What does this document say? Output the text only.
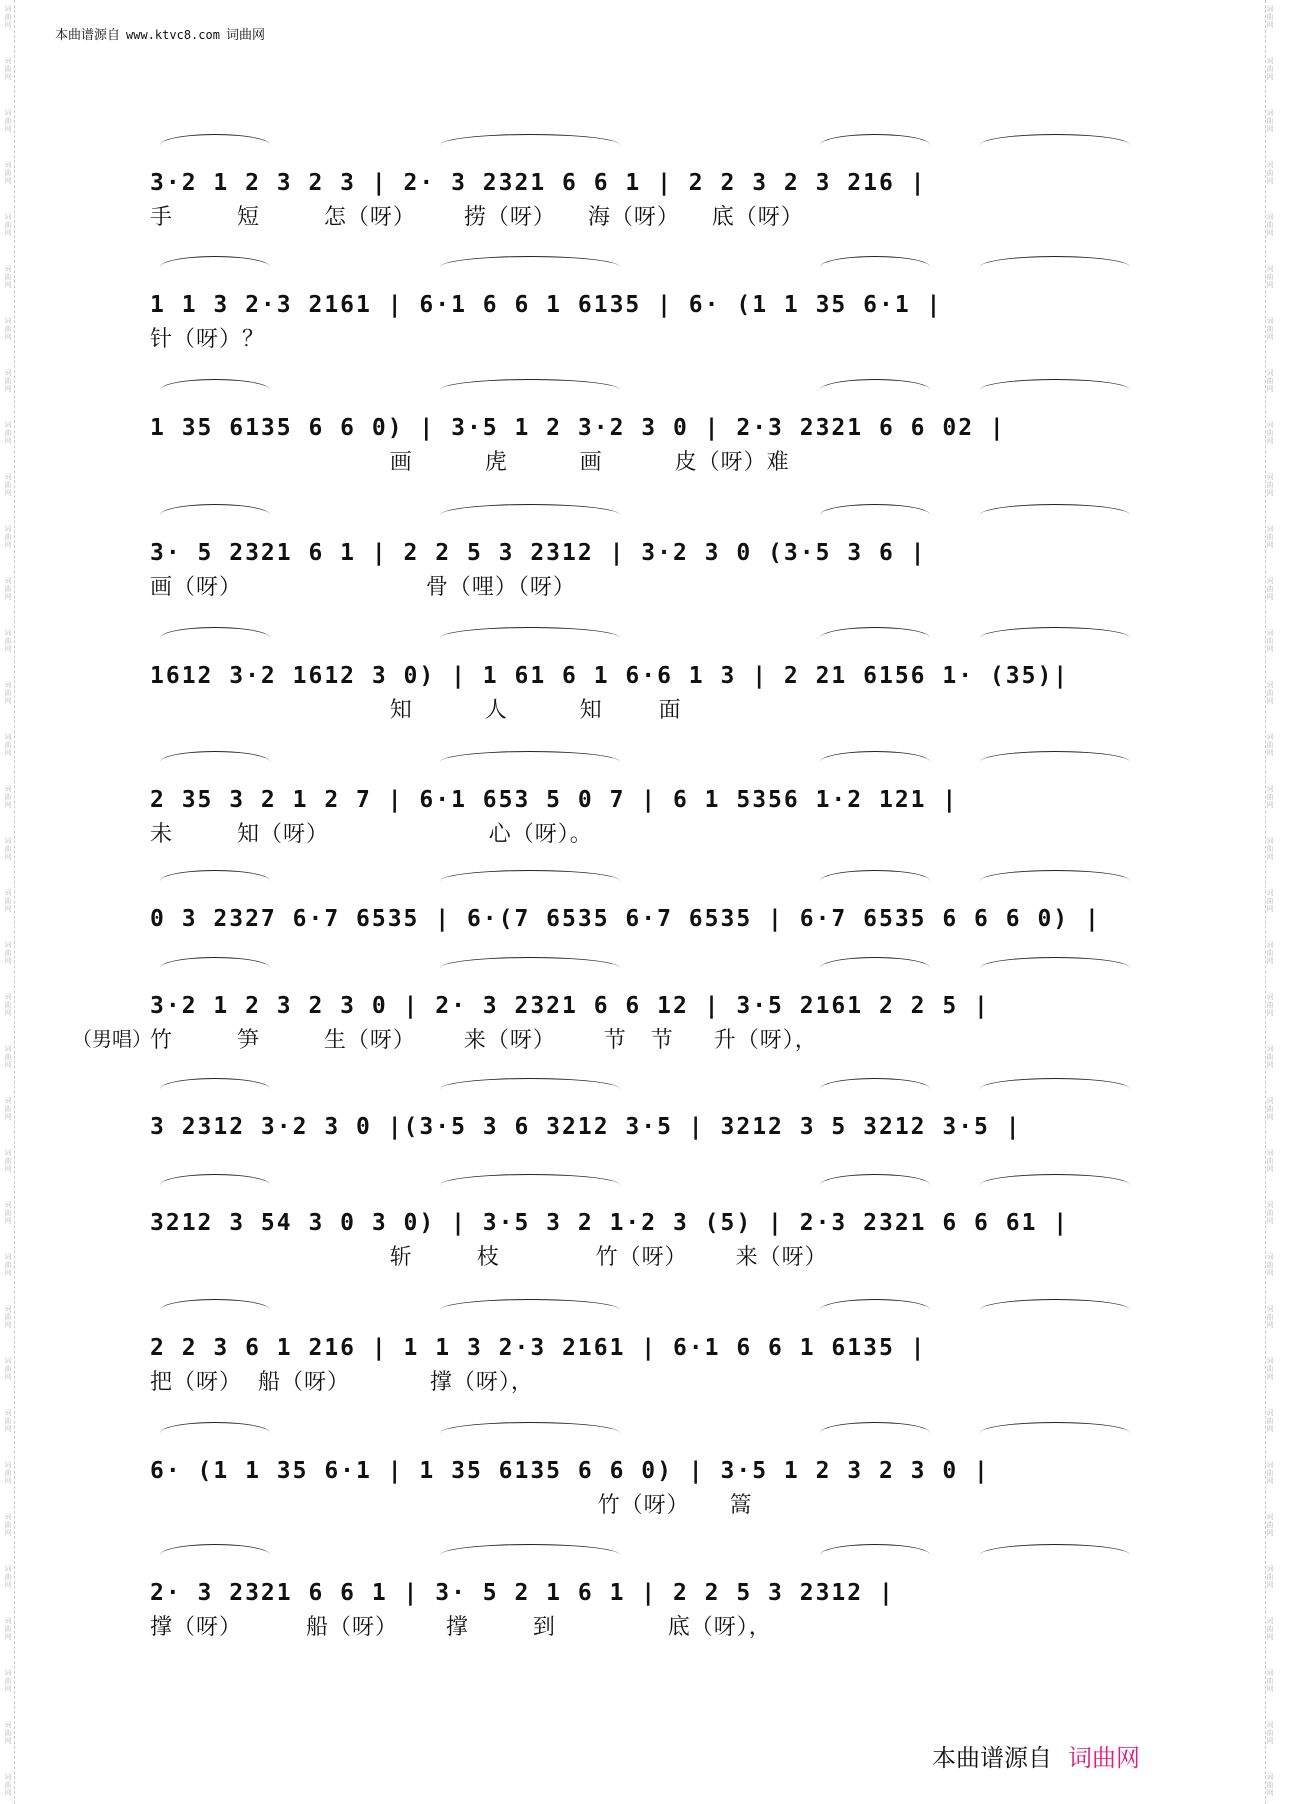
本曲谱源自 www.ktvc8.com 词曲网
3·2 1 2 3 2 3 | 2· 3 2321 6 6 1 | 2 2 3 2 3 216 |
手        短        怎（呀）      捞（呀）    海（呀）    底（呀）
1 1 3 2·3 2161 | 6·1 6 6 1 6135 | 6· (1 1 35 6·1 |
针（呀）？
1 35 6135 6 6 0) | 3·5 1 2 3·2 3 0 | 2·3 2321 6 6 02 |
画         虎         画         皮（呀）难
3· 5 2321 6 1 | 2 2 5 3 2312 | 3·2 3 0 (3·5 3 6 |
画（呀）                       骨（哩）（呀）
1612 3·2 1612 3 0) | 1 61 6 1 6·6 1 3 | 2 21 6156 1· (35)|
知         人         知       面
2 35 3 2 1 2 7 | 6·1 653 5 0 7 | 6 1 5356 1·2 121 |
未        知（呀）                    心（呀）。
0 3 2327 6·7 6535 | 6·(7 6535 6·7 6535 | 6·7 6535 6 6 6 0) |
3·2 1 2 3 2 3 0 | 2· 3 2321 6 6 12 | 3·5 2161 2 2 5 |
竹        笋        生（呀）      来（呀）      节   节     升（呀），
（男唱）
3 2312 3·2 3 0 |(3·5 3 6 3212 3·5 | 3212 3 5 3212 3·5 |
3212 3 54 3 0 3 0) | 3·5 3 2 1·2 3 (5) | 2·3 2321 6 6 61 |
斩        枝            竹（呀）      来（呀）
2 2 3 6 1 216 | 1 1 3 2·3 2161 | 6·1 6 6 1 6135 |
把（呀）  船（呀）          撑（呀），
6· (1 1 35 6·1 | 1 35 6135 6 6 0) | 3·5 1 2 3 2 3 0 |
竹（呀）     篙
2· 3 2321 6 6 1 | 3· 5 2 1 6 1 | 2 2 5 3 2312 |
撑（呀）        船（呀）      撑        到              底（呀），
本曲谱源自 词曲网
词曲网
词曲网
词曲网
词曲网
词曲网
词曲网
词曲网
词曲网
词曲网
词曲网
词曲网
词曲网
词曲网
词曲网
词曲网
词曲网
词曲网
词曲网
词曲网
词曲网
词曲网
词曲网
词曲网
词曲网
词曲网
词曲网
词曲网
词曲网
词曲网
词曲网
词曲网
词曲网
词曲网
词曲网
词曲网
词曲网
词曲网
词曲网
词曲网
词曲网
词曲网
词曲网
词曲网
词曲网
词曲网
词曲网
词曲网
词曲网
词曲网
词曲网
词曲网
词曲网
词曲网
词曲网
词曲网
词曲网
词曲网
词曲网
词曲网
词曲网
词曲网
词曲网
词曲网
词曲网
词曲网
词曲网
词曲网
词曲网
词曲网
词曲网
